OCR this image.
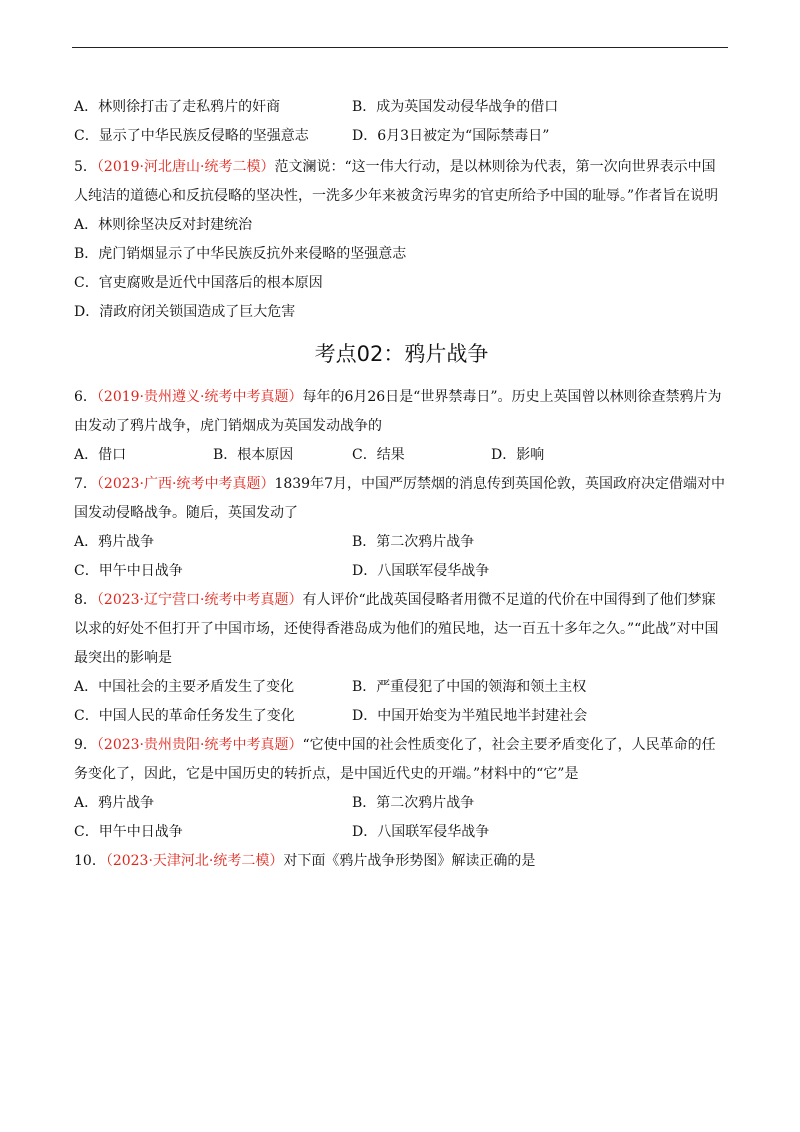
A．林则徐打击了走私鸦片的奸商	B．成为英国发动侵华战争的借口
C．显示了中华民族反侵略的坚强意志	D．6月3日被定为“国际禁毒日”
5．（2019·河北唐山·统考二模）范文澜说：“这一伟大行动，是以林则徐为代表，第一次向世界表示中国人纯洁的道德心和反抗侵略的坚决性，一洗多少年来被贪污卑劣的官吏所给予中国的耻辱。”作者旨在说明
A．林则徐坚决反对封建统治
B．虎门销烟显示了中华民族反抗外来侵略的坚强意志
C．官吏腐败是近代中国落后的根本原因
D．清政府闭关锁国造成了巨大危害
考点02：鸦片战争
6．（2019·贵州遵义·统考中考真题）每年的6月26日是“世界禁毒日”。历史上英国曾以林则徐查禁鸦片为由发动了鸦片战争，虎门销烟成为英国发动战争的
A．借口	B．根本原因	C．结果	D．影响
7．（2023·广西·统考中考真题）1839年7月，中国严厉禁烟的消息传到英国伦敦，英国政府决定借端对中国发动侵略战争。随后，英国发动了
A．鸦片战争	B．第二次鸦片战争
C．甲午中日战争	D．八国联军侵华战争
8．（2023·辽宁营口·统考中考真题）有人评价“此战英国侵略者用微不足道的代价在中国得到了他们梦寐以求的好处不但打开了中国市场，还使得香港岛成为他们的殖民地，达一百五十多年之久。”“此战”对中国最突出的影响是
A．中国社会的主要矛盾发生了变化	B．严重侵犯了中国的领海和领土主权
C．中国人民的革命任务发生了变化	D．中国开始变为半殖民地半封建社会
9．（2023·贵州贵阳·统考中考真题）“它使中国的社会性质变化了，社会主要矛盾变化了，人民革命的任务变化了，因此，它是中国历史的转折点，是中国近代史的开端。”材料中的“它”是
A．鸦片战争	B．第二次鸦片战争
C．甲午中日战争	D．八国联军侵华战争
10．（2023·天津河北·统考二模）对下面《鸦片战争形势图》解读正确的是
